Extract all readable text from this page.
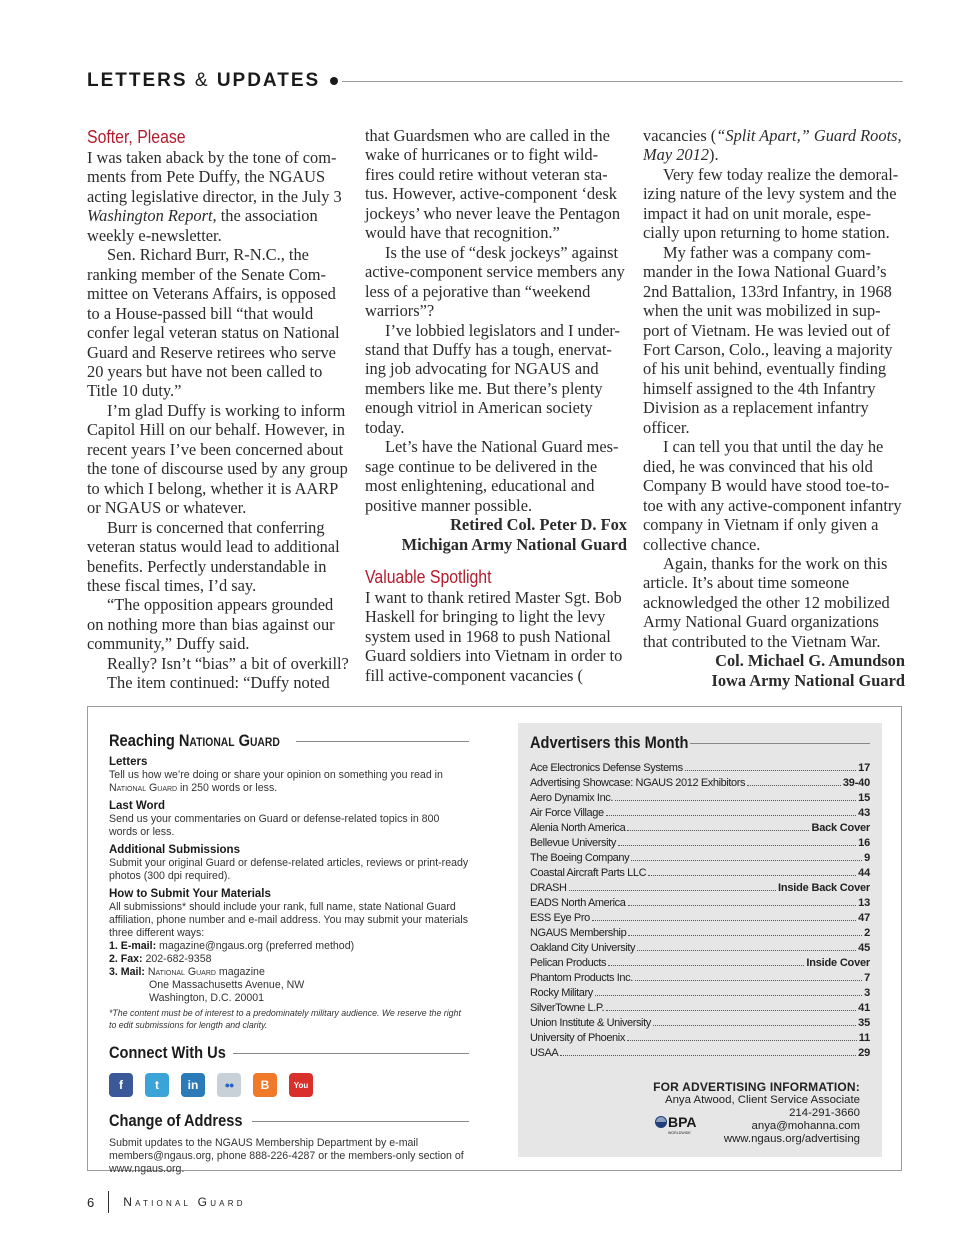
LETTERS & UPDATES
Softer, Please

I was taken aback by the tone of com-ments from Pete Duffy, the NGAUS acting legislative director, in the July 3 Washington Report, the association weekly e-newsletter.

Sen. Richard Burr, R-N.C., the ranking member of the Senate Com-mittee on Veterans Affairs, is opposed to a House-passed bill “that would confer legal veteran status on National Guard and Reserve retirees who serve 20 years but have not been called to Title 10 duty.”

I’m glad Duffy is working to inform Capitol Hill on our behalf. However, in recent years I’ve been concerned about the tone of discourse used by any group to which I belong, whether it is AARP or NGAUS or whatever.

Burr is concerned that conferring veteran status would lead to additional benefits. Perfectly understandable in these fiscal times, I’d say.

“The opposition appears grounded on nothing more than bias against our community,” Duffy said.

Really? Isn’t “bias” a bit of overkill?

The item continued: “Duffy noted

that Guardsmen who are called in the wake of hurricanes or to fight wild-fires could retire without veteran sta-tus. However, active-component ‘desk jockeys’ who never leave the Pentagon would have that recognition.”

Is the use of “desk jockeys” against active-component service members any less of a pejorative than “weekend warriors”?

I’ve lobbied legislators and I under-stand that Duffy has a tough, enervat-ing job advocating for NGAUS and members like me. But there’s plenty enough vitriol in American society today.

Let’s have the National Guard mes-sage continue to be delivered in the most enlightening, educational and positive manner possible.

Retired Col. Peter D. Fox

Michigan Army National Guard

Valuable Spotlight

I want to thank retired Master Sgt. Bob Haskell for bringing to light the levy system used in 1968 to push National Guard soldiers into Vietnam in order to fill active-component vacancies (

vacancies (“Split Apart,” Guard Roots, May 2012).

Very few today realize the demoral-izing nature of the levy system and the impact it had on unit morale, espe-cially upon returning to home station.

My father was a company com-mander in the Iowa National Guard’s 2nd Battalion, 133rd Infantry, in 1968 when the unit was mobilized in sup-port of Vietnam. He was levied out of Fort Carson, Colo., leaving a majority of his unit behind, eventually finding himself assigned to the 4th Infantry Division as a replacement infantry officer.

I can tell you that until the day he died, he was convinced that his old Company B would have stood toe-to-toe with any active-component infantry company in Vietnam if only given a collective chance.

Again, thanks for the work on this article. It’s about time someone acknowledged the other 12 mobilized Army National Guard organizations that contributed to the Vietnam War.

Col. Michael G. Amundson

Iowa Army National Guard

Reaching National Guard
Letters
Tell us how we’re doing or share your opinion on something you read in National Guard in 250 words or less.
Last Word
Send us your commentaries on Guard or defense-related topics in 800 words or less.
Additional Submissions
Submit your original Guard or defense-related articles, reviews or print-ready photos (300 dpi required).
How to Submit Your Materials
All submissions* should include your rank, full name, state National Guard affiliation, phone number and e-mail address. You may submit your materials three different ways:
1. E-mail: magazine@ngaus.org (preferred method)
2. Fax: 202-682-9358
3. Mail: National Guard magazine
One Massachusetts Avenue, NW
Washington, D.C. 20001
*The content must be of interest to a predominately military audience. We reserve the right to edit submissions for length and clarity.
Connect With Us
f	t	in	●●	B	You
Change of Address
Submit updates to the NGAUS Membership Department by e-mail members@ngaus.org, phone 888-226-4287 or the members-only section of www.ngaus.org.
Advertisers this Month
Ace Electronics Defense Systems	17
Advertising Showcase: NGAUS 2012 Exhibitors	39-40
Aero Dynamix Inc.	15
Air Force Village	43
Alenia North America	Back Cover
Bellevue University	16
The Boeing Company	9
Coastal Aircraft Parts LLC	44
DRASH	Inside Back Cover
EADS North America	13
ESS Eye Pro	47
NGAUS Membership	2
Oakland City University	45
Pelican Products	Inside Cover
Phantom Products Inc.	7
Rocky Military	3
SilverTowne L.P.	41
Union Institute & University	35
University of Phoenix	11
USAA	29
FOR ADVERTISING INFORMATION:
Anya Atwood, Client Service Associate
214-291-3660
anya@mohanna.com
www.ngaus.org/advertising
BPA
WORLDWIDE
6 National Guard
